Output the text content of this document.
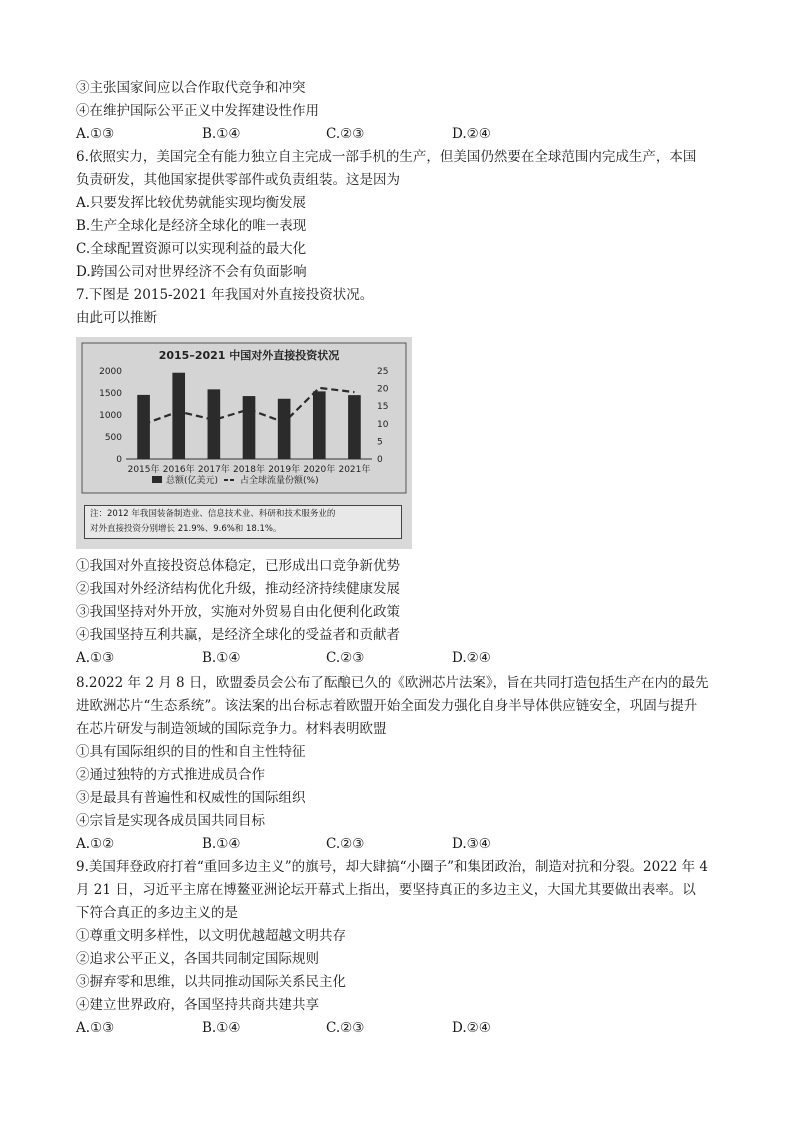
③主张国家间应以合作取代竞争和冲突
④在维护国际公平正义中发挥建设性作用
A.①③	B.①④	C.②③	D.②④
6.依照实力，美国完全有能力独立自主完成一部手机的生产，但美国仍然要在全球范围内完成生产，本国
负责研发，其他国家提供零部件或负责组装。这是因为
A.只要发挥比较优势就能实现均衡发展
B.生产全球化是经济全球化的唯一表现
C.全球配置资源可以实现利益的最大化
D.跨国公司对世界经济不会有负面影响
7.下图是 2015-2021 年我国对外直接投资状况。
由此可以推断
2015–2021 中国对外直接投资状况
0
500
1000
1500
2000
0
5
10
15
20
25
2015年 2016年 2017年 2018年 2019年 2020年 2021年
总额(亿美元) 占全球流量份额(%)
注：2012 年我国装备制造业、信息技术业、科研和技术服务业的
对外直接投资分别增长 21.9%、9.6%和 18.1%。
①我国对外直接投资总体稳定，已形成出口竞争新优势
②我国对外经济结构优化升级，推动经济持续健康发展
③我国坚持对外开放，实施对外贸易自由化便利化政策
④我国坚持互利共赢，是经济全球化的受益者和贡献者
A.①③	B.①④	C.②③	D.②④
8.2022 年 2 月 8 日，欧盟委员会公布了酝酿已久的《欧洲芯片法案》，旨在共同打造包括生产在内的最先
进欧洲芯片“生态系统”。该法案的出台标志着欧盟开始全面发力强化自身半导体供应链安全，巩固与提升
在芯片研发与制造领域的国际竞争力。材料表明欧盟
①具有国际组织的目的性和自主性特征
②通过独特的方式推进成员合作
③是最具有普遍性和权威性的国际组织
④宗旨是实现各成员国共同目标
A.①②	B.①④	C.②③	D.③④
9.美国拜登政府打着“重回多边主义”的旗号，却大肆搞“小圈子”和集团政治，制造对抗和分裂。2022 年 4
月 21 日，习近平主席在博鳌亚洲论坛开幕式上指出，要坚持真正的多边主义，大国尤其要做出表率。以
下符合真正的多边主义的是
①尊重文明多样性，以文明优越超越文明共存
②追求公平正义，各国共同制定国际规则
③摒弃零和思维，以共同推动国际关系民主化
④建立世界政府，各国坚持共商共建共享
A.①③	B.①④	C.②③	D.②④
